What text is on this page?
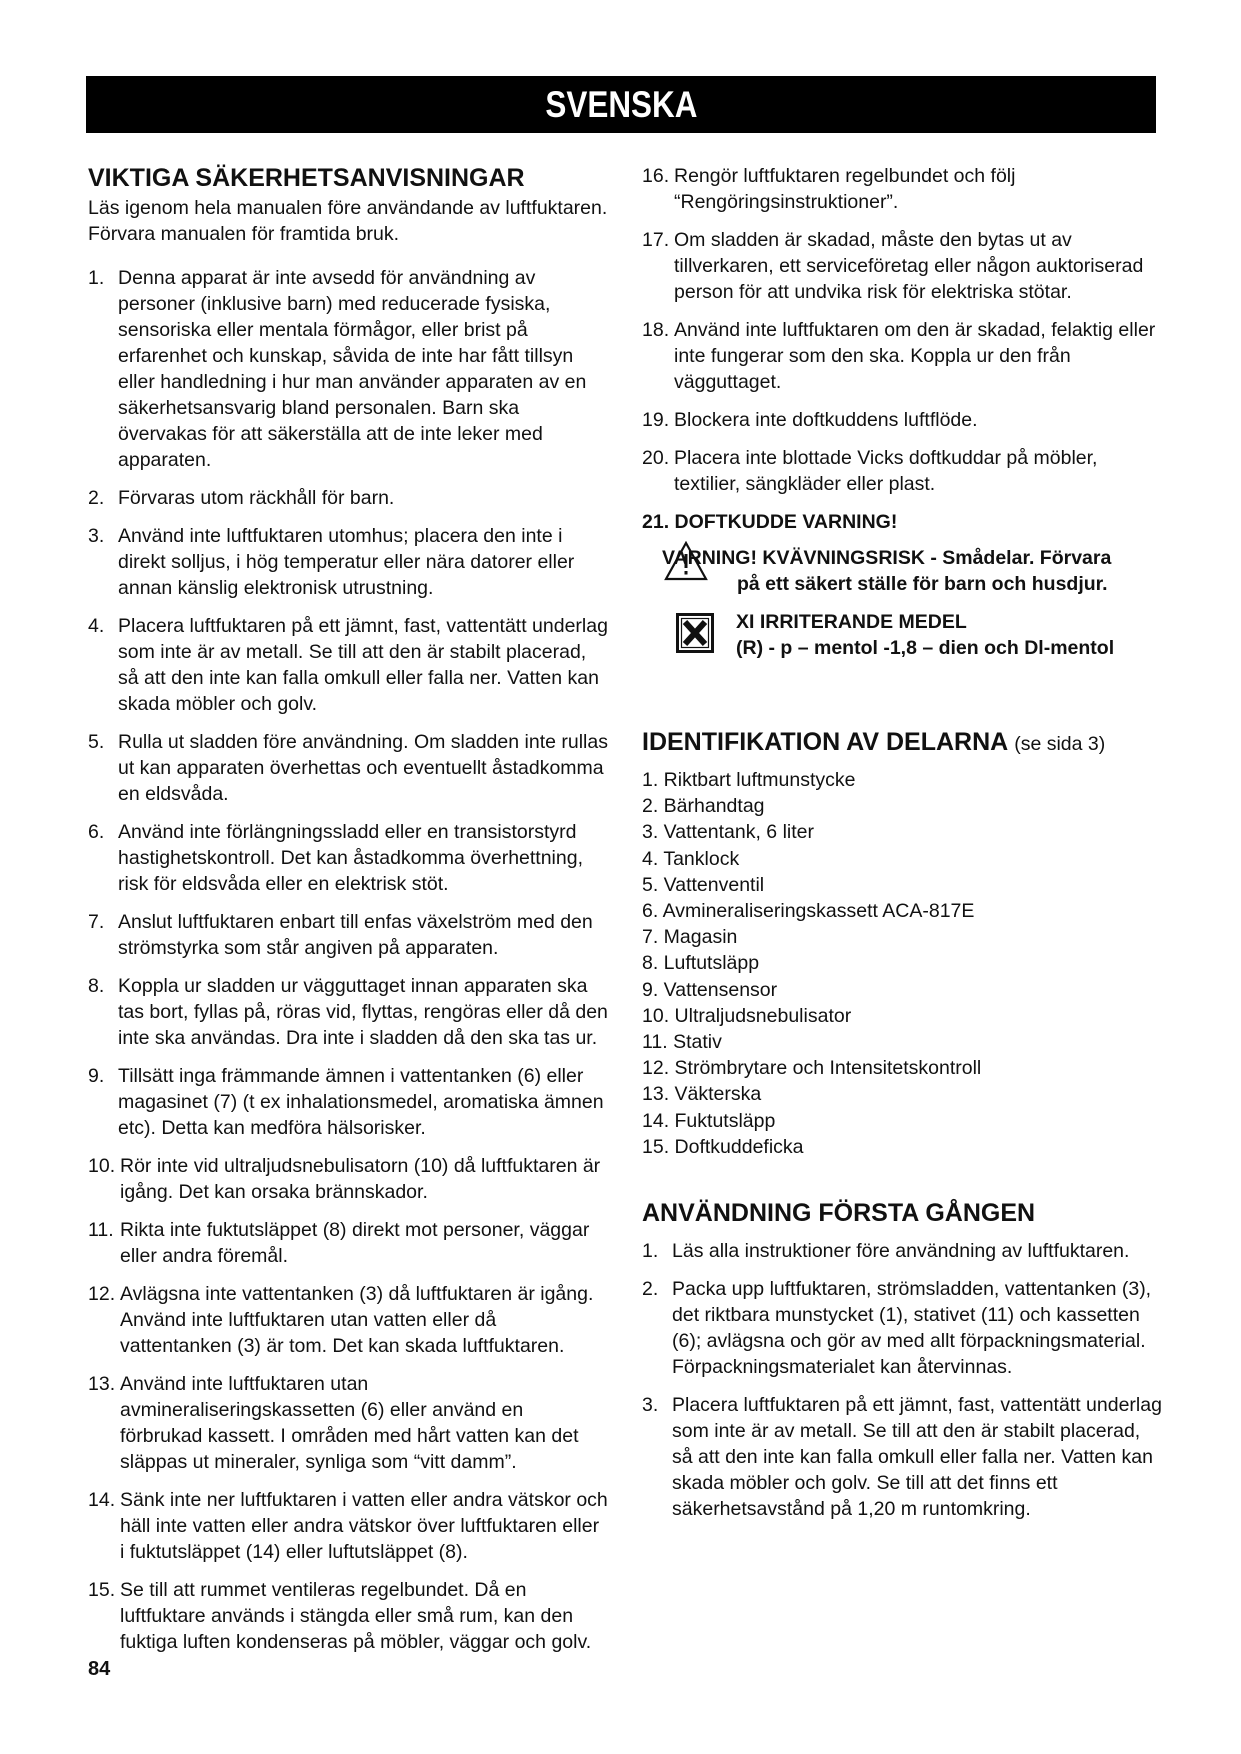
SVENSKA
VIKTIGA SÄKERHETSANVISNINGAR

Läs igenom hela manualen före användande av luftfuktaren.
Förvara manualen för framtida bruk.

1. Denna apparat är inte avsedd för användning av personer (inklusive barn) med reducerade fysiska, sensoriska eller mentala förmågor, eller brist på erfarenhet och kunskap, såvida de inte har fått tillsyn eller handledning i hur man använder apparaten av en säkerhetsansvarig bland personalen. Barn ska övervakas för att säkerställa att de inte leker med apparaten.
2. Förvaras utom räckhåll för barn.
3. Använd inte luftfuktaren utomhus; placera den inte i direkt solljus, i hög temperatur eller nära datorer eller annan känslig elektronisk utrustning.
4. Placera luftfuktaren på ett jämnt, fast, vattentätt underlag som inte är av metall. Se till att den är stabilt placerad, så att den inte kan falla omkull eller falla ner. Vatten kan skada möbler och golv.
5. Rulla ut sladden före användning. Om sladden inte rullas ut kan apparaten överhettas och eventuellt åstadkomma en eldsvåda.
6. Använd inte förlängningssladd eller en transistorstyrd hastighetskontroll. Det kan åstadkomma överhettning, risk för eldsvåda eller en elektrisk stöt.
7. Anslut luftfuktaren enbart till enfas växelström med den strömstyrka som står angiven på apparaten.
8. Koppla ur sladden ur vägguttaget innan apparaten ska tas bort, fyllas på, röras vid, flyttas, rengöras eller då den inte ska användas. Dra inte i sladden då den ska tas ur.
9. Tillsätt inga främmande ämnen i vattentanken (6) eller magasinet (7) (t ex inhalationsmedel, aromatiska ämnen etc). Detta kan medföra hälsorisker.
10. Rör inte vid ultraljudsnebulisatorn (10) då luftfuktaren är igång. Det kan orsaka brännskador.
11. Rikta inte fuktutsläppet (8) direkt mot personer, väggar eller andra föremål.
12. Avlägsna inte vattentanken (3) då luftfuktaren är igång. Använd inte luftfuktaren utan vatten eller då vattentanken (3) är tom. Det kan skada luftfuktaren.
13. Använd inte luftfuktaren utan avmineraliseringskassetten (6) eller använd en förbrukad kassett. I områden med hårt vatten kan det släppas ut mineraler, synliga som “vitt damm”.
14. Sänk inte ner luftfuktaren i vatten eller andra vätskor och häll inte vatten eller andra vätskor över luftfuktaren eller i fuktutsläppet (14) eller luftutsläppet (8).
15. Se till att rummet ventileras regelbundet. Då en luftfuktare används i stängda eller små rum, kan den fuktiga luften kondenseras på möbler, väggar och golv.
16. Rengör luftfuktaren regelbundet och följ “Rengöringsinstruktioner”.
17. Om sladden är skadad, måste den bytas ut av tillverkaren, ett serviceföretag eller någon auktoriserad person för att undvika risk för elektriska stötar.
18. Använd inte luftfuktaren om den är skadad, felaktig eller inte fungerar som den ska. Koppla ur den från vägguttaget.
19. Blockera inte doftkuddens luftflöde.
20. Placera inte blottade Vicks doftkuddar på möbler, textilier, sängkläder eller plast.
21. DOFTKUDDE VARNING!
VARNING! KVÄVNINGSRISK - Smådelar. Förvara
på ett säkert ställe för barn och husdjur.
XI IRRITERANDE MEDEL
(R) - p – mentol -1,8 – dien och Dl-mentol
IDENTIFIKATION AV DELARNA (se sida 3)
1. Riktbart luftmunstycke
2. Bärhandtag
3. Vattentank, 6 liter
4. Tanklock
5. Vattenventil
6. Avmineraliseringskassett ACA-817E
7. Magasin
8. Luftutsläpp
9. Vattensensor
10. Ultraljudsnebulisator
11. Stativ
12. Strömbrytare och Intensitetskontroll
13. Väkterska
14. Fuktutsläpp
15. Doftkuddeficka
ANVÄNDNING FÖRSTA GÅNGEN
1. Läs alla instruktioner före användning av luftfuktaren.
2. Packa upp luftfuktaren, strömsladden, vattentanken (3), det riktbara munstycket (1), stativet (11) och kassetten (6); avlägsna och gör av med allt förpackningsmaterial. Förpackningsmaterialet kan återvinnas.
3. Placera luftfuktaren på ett jämnt, fast, vattentätt underlag som inte är av metall. Se till att den är stabilt placerad, så att den inte kan falla omkull eller falla ner. Vatten kan skada möbler och golv. Se till att det finns ett säkerhetsavstånd på 1,20 m runtomkring.
84
